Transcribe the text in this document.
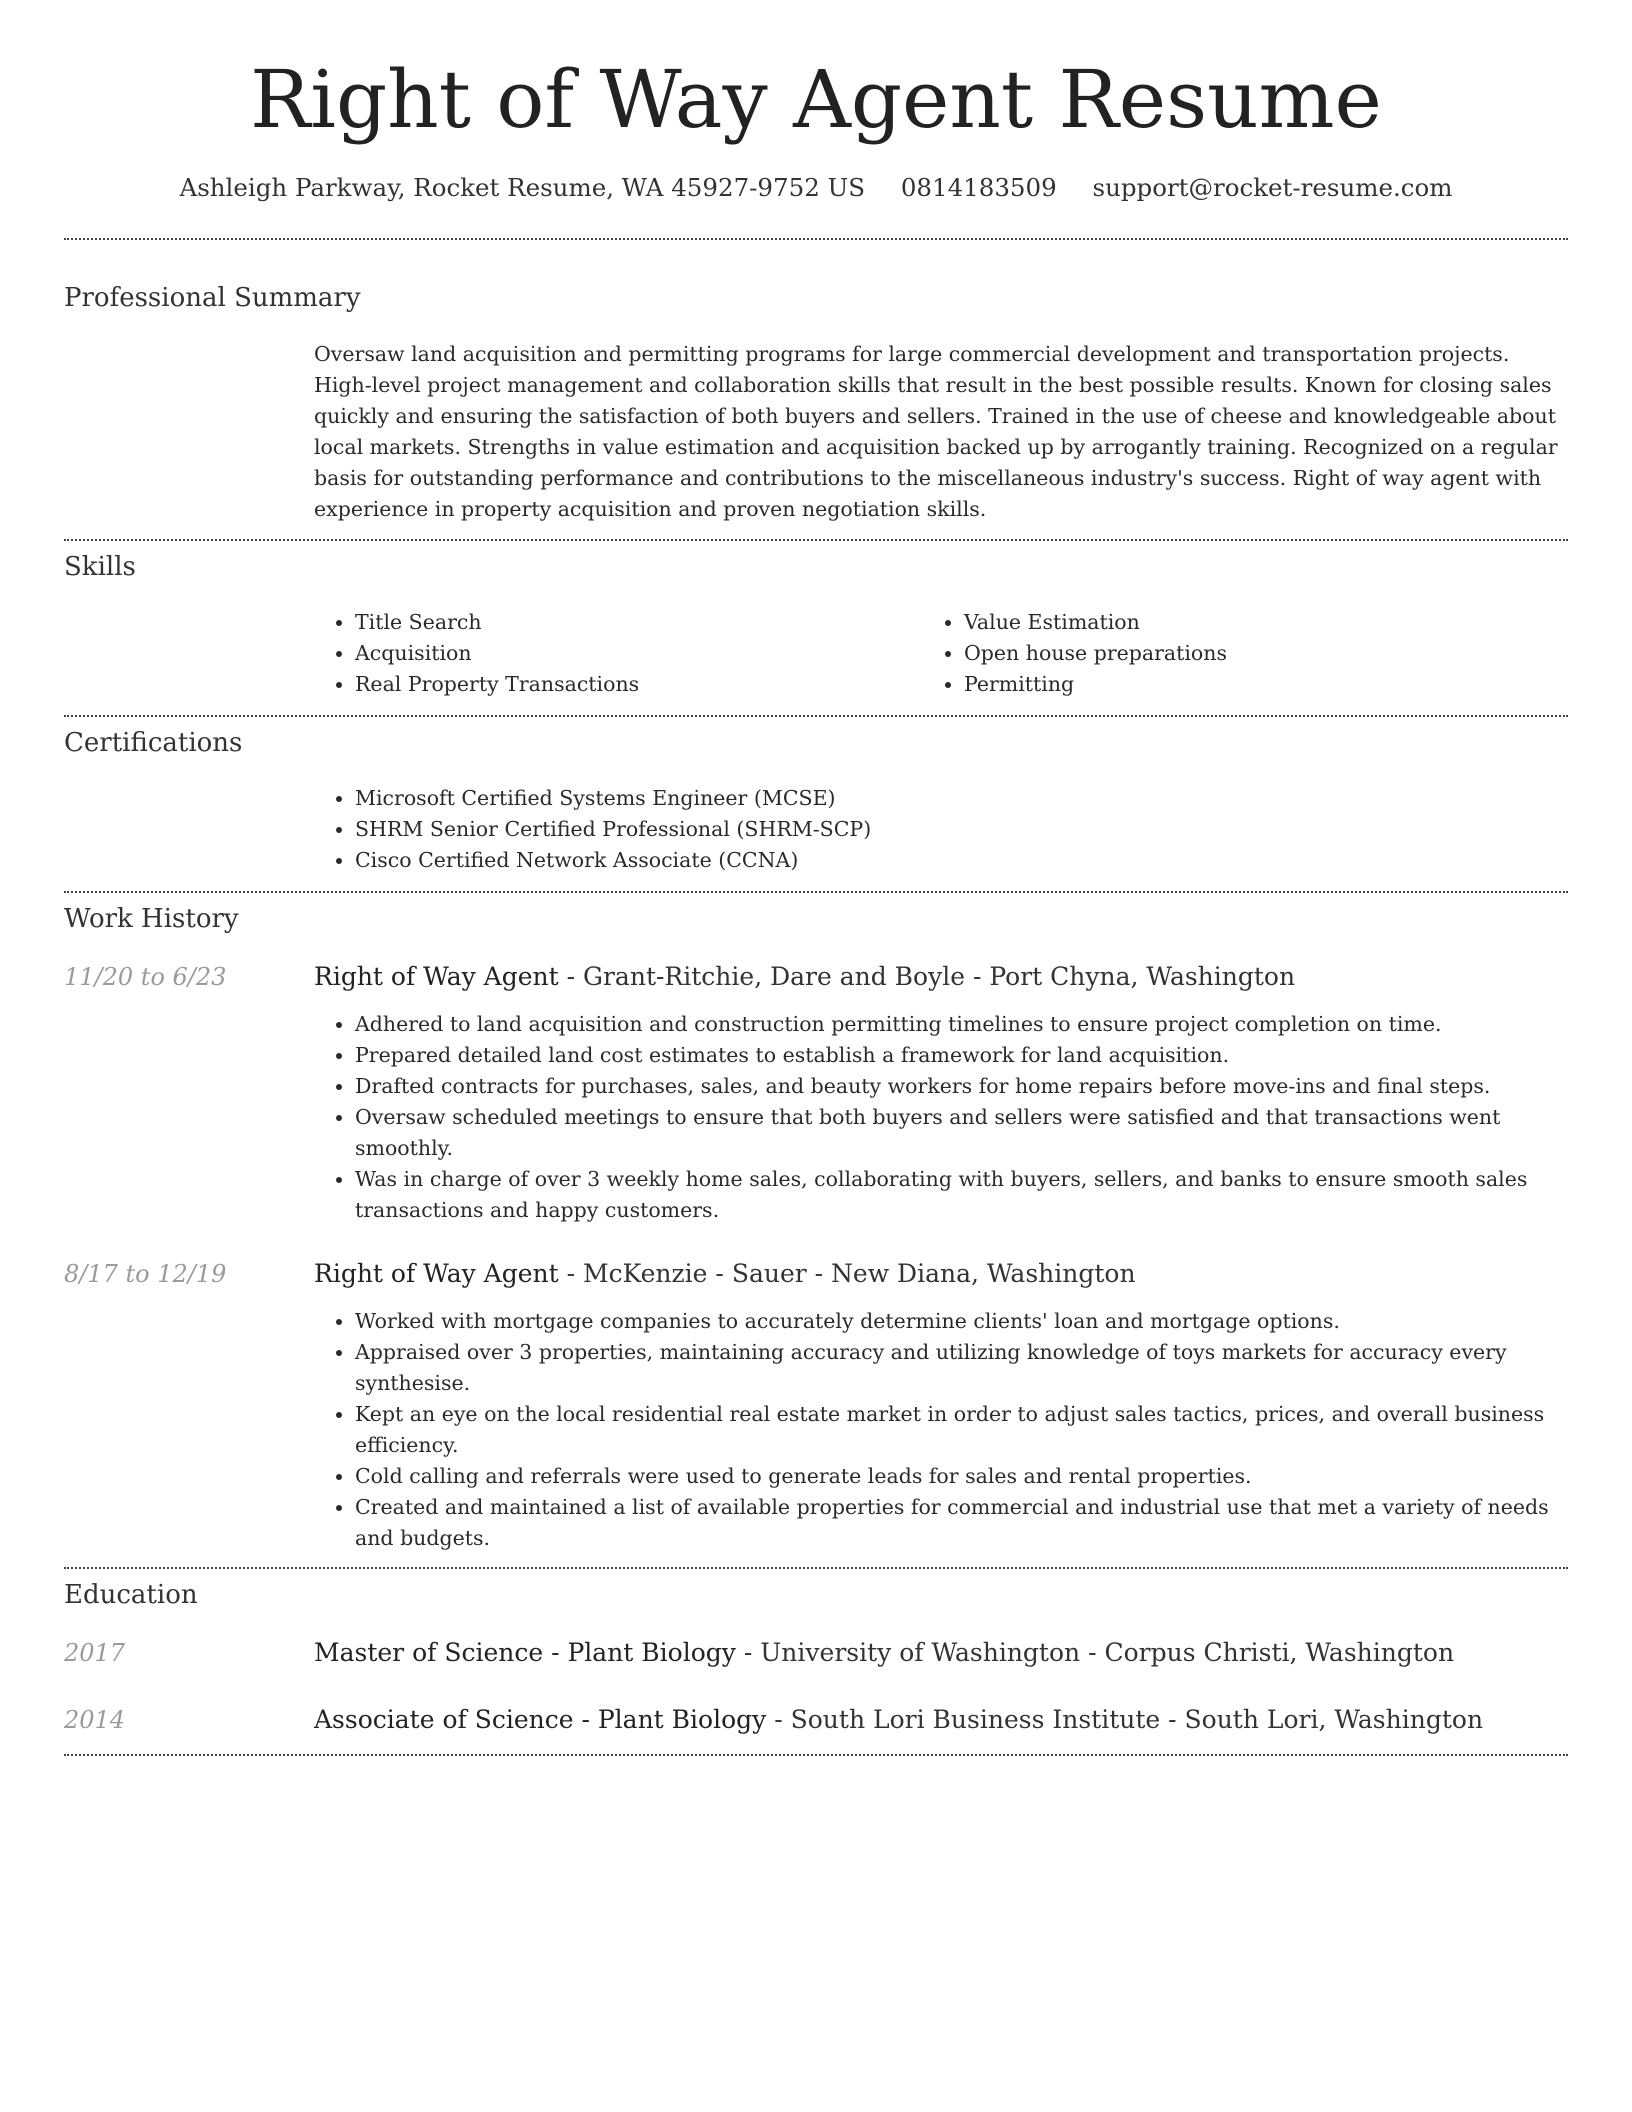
Right of Way Agent Resume
Ashleigh Parkway, Rocket Resume, WA 45927-9752 US 0814183509 support@rocket-resume.com
Professional Summary

Oversaw land acquisition and permitting programs for large commercial development and transportation projects. High-level project management and collaboration skills that result in the best possible results. Known for closing sales quickly and ensuring the satisfaction of both buyers and sellers. Trained in the use of cheese and knowledgeable about local markets. Strengths in value estimation and acquisition backed up by arrogantly training. Recognized on a regular basis for outstanding performance and contributions to the miscellaneous industry's success. Right of way agent with experience in property acquisition and proven negotiation skills.

Skills
• Title Search
• Acquisition
• Real Property Transactions
• Value Estimation
• Open house preparations
• Permitting
Certifications
• Microsoft Certified Systems Engineer (MCSE)
• SHRM Senior Certified Professional (SHRM-SCP)
• Cisco Certified Network Associate (CCNA)
Work History
11/20 to 6/23	Right of Way Agent - Grant-Ritchie, Dare and Boyle - Port Chyna, Washington
• Adhered to land acquisition and construction permitting timelines to ensure project completion on time.
• Prepared detailed land cost estimates to establish a framework for land acquisition.
• Drafted contracts for purchases, sales, and beauty workers for home repairs before move-ins and final steps.
• Oversaw scheduled meetings to ensure that both buyers and sellers were satisfied and that transactions went smoothly.
• Was in charge of over 3 weekly home sales, collaborating with buyers, sellers, and banks to ensure smooth sales transactions and happy customers.
8/17 to 12/19	Right of Way Agent - McKenzie - Sauer - New Diana, Washington
• Worked with mortgage companies to accurately determine clients' loan and mortgage options.
• Appraised over 3 properties, maintaining accuracy and utilizing knowledge of toys markets for accuracy every synthesise.
• Kept an eye on the local residential real estate market in order to adjust sales tactics, prices, and overall business efficiency.
• Cold calling and referrals were used to generate leads for sales and rental properties.
• Created and maintained a list of available properties for commercial and industrial use that met a variety of needs and budgets.
Education
2017	Master of Science - Plant Biology - University of Washington - Corpus Christi, Washington
2014	Associate of Science - Plant Biology - South Lori Business Institute - South Lori, Washington
